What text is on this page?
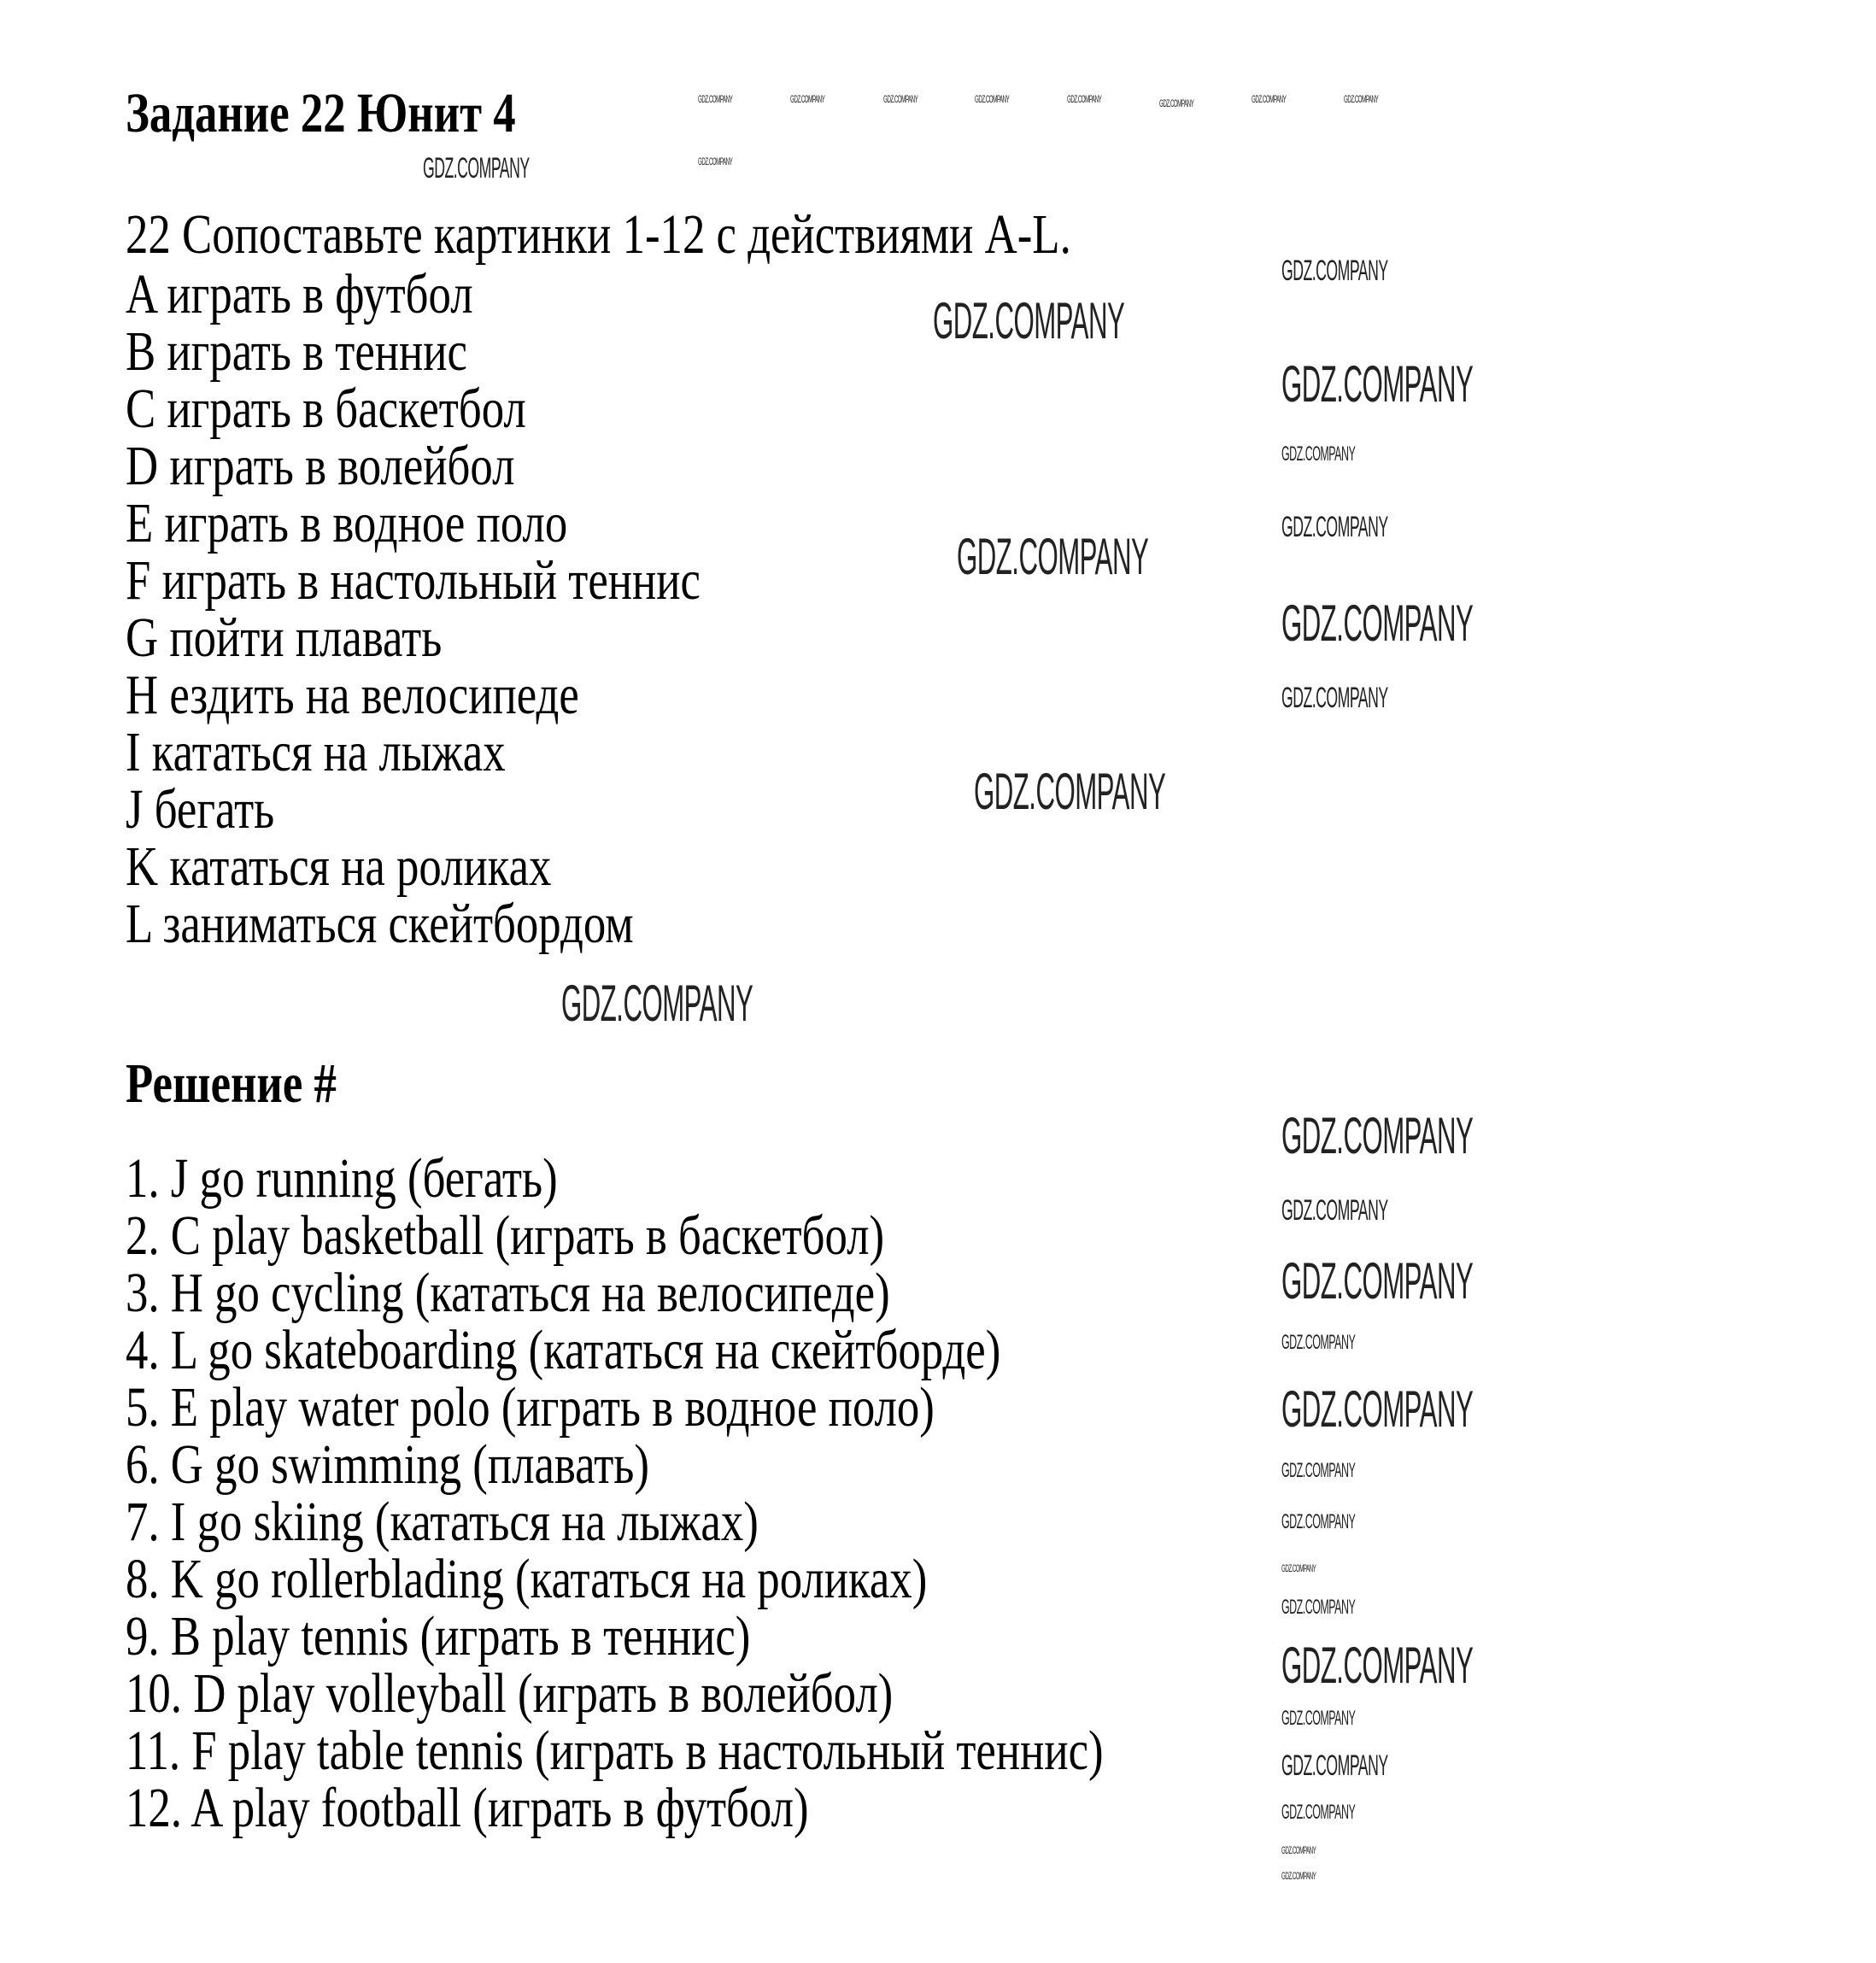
Задание 22 Юнит 4
22 Сопоставьте картинки 1-12 с действиями A-L.
A играть в футбол
B играть в теннис
C играть в баскетбол
D играть в волейбол
E играть в водное поло
F играть в настольный теннис
G пойти плавать
H ездить на велосипеде
I кататься на лыжах
J бегать
K кататься на роликах
L заниматься скейтбордом
Решение #
1. J go running (бегать)
2. C play basketball (играть в баскетбол)
3. H go cycling (кататься на велосипеде)
4. L go skateboarding (кататься на скейтборде)
5. E play water polo (играть в водное поло)
6. G go swimming (плавать)
7. I go skiing (кататься на лыжах)
8. K go rollerblading (кататься на роликах)
9. B play tennis (играть в теннис)
10. D play volleyball (играть в волейбол)
11. F play table tennis (играть в настольный теннис)
12. A play football (играть в футбол)
GDZ.COMPANY	GDZ.COMPANY	GDZ.COMPANY	GDZ.COMPANY	GDZ.COMPANY	GDZ.COMPANY	GDZ.COMPANY	GDZ.COMPANY
GDZ.COMPANY
GDZ.COMPANY
GDZ.COMPANY
GDZ.COMPANY
GDZ.COMPANY
GDZ.COMPANY
GDZ.COMPANY
GDZ.COMPANY
GDZ.COMPANY
GDZ.COMPANY
GDZ.COMPANY
GDZ.COMPANY
GDZ.COMPANY
GDZ.COMPANY
GDZ.COMPANY
GDZ.COMPANY
GDZ.COMPANY
GDZ.COMPANY
GDZ.COMPANY
GDZ.COMPANY
GDZ.COMPANY
GDZ.COMPANY
GDZ.COMPANY
GDZ.COMPANY
GDZ.COMPANY
GDZ.COMPANY
GDZ.COMPANY
